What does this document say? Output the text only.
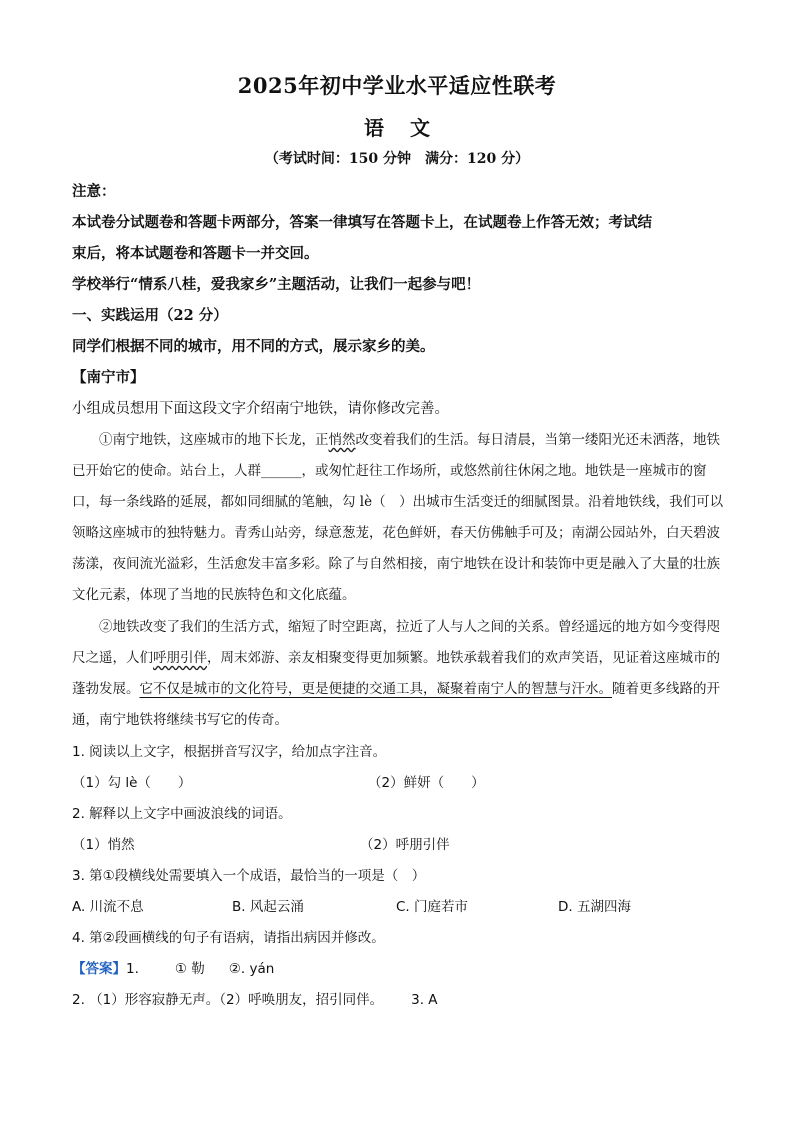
2025年初中学业水平适应性联考
语文
（考试时间：150 分钟　满分：120 分）
注意：
本试卷分试题卷和答题卡两部分，答案一律填写在答题卡上，在试题卷上作答无效；考试结
束后，将本试题卷和答题卡一并交回。
学校举行“情系八桂，爱我家乡”主题活动，让我们一起参与吧！
一、实践运用（22 分）
同学们根据不同的城市，用不同的方式，展示家乡的美。
【南宁市】
小组成员想用下面这段文字介绍南宁地铁，请你修改完善。
①南宁地铁，这座城市的地下长龙，正悄然改变着我们的生活。每日清晨，当第一缕阳光还未洒落，地铁已开始它的使命。站台上，人群______，或匆忙赶往工作场所，或悠然前往休闲之地。地铁是一座城市的窗口，每一条线路的延展，都如同细腻的笔触，勾 lè（　）出城市生活变迁的细腻图景。沿着地铁线，我们可以领略这座城市的独特魅力。青秀山站旁，绿意葱茏，花色鲜妍，春天仿佛触手可及；南湖公园站外，白天碧波荡漾，夜间流光溢彩，生活愈发丰富多彩。除了与自然相接，南宁地铁在设计和装饰中更是融入了大量的壮族文化元素，体现了当地的民族特色和文化底蕴。
②地铁改变了我们的生活方式，缩短了时空距离，拉近了人与人之间的关系。曾经遥远的地方如今变得咫尺之遥，人们呼朋引伴，周末郊游、亲友相聚变得更加频繁。地铁承载着我们的欢声笑语，见证着这座城市的蓬勃发展。它不仅是城市的文化符号，更是便捷的交通工具，凝聚着南宁人的智慧与汗水。随着更多线路的开通，南宁地铁将继续书写它的传奇。
1. 阅读以上文字，根据拼音写汉字，给加点字注音。
（1）勾 lè（　　）	（2）鲜妍（　　）
2. 解释以上文字中画波浪线的词语。
（1）悄然	（2）呼朋引伴
3. 第①段横线处需要填入一个成语，最恰当的一项是（　）
A. 川流不息	B. 风起云涌	C. 门庭若市	D. 五湖四海
4. 第②段画横线的句子有语病，请指出病因并修改。
【答案】 1.	① 勒 ②. yán
2. （1）形容寂静无声。（2）呼唤朋友，招引同伴。 3. A
